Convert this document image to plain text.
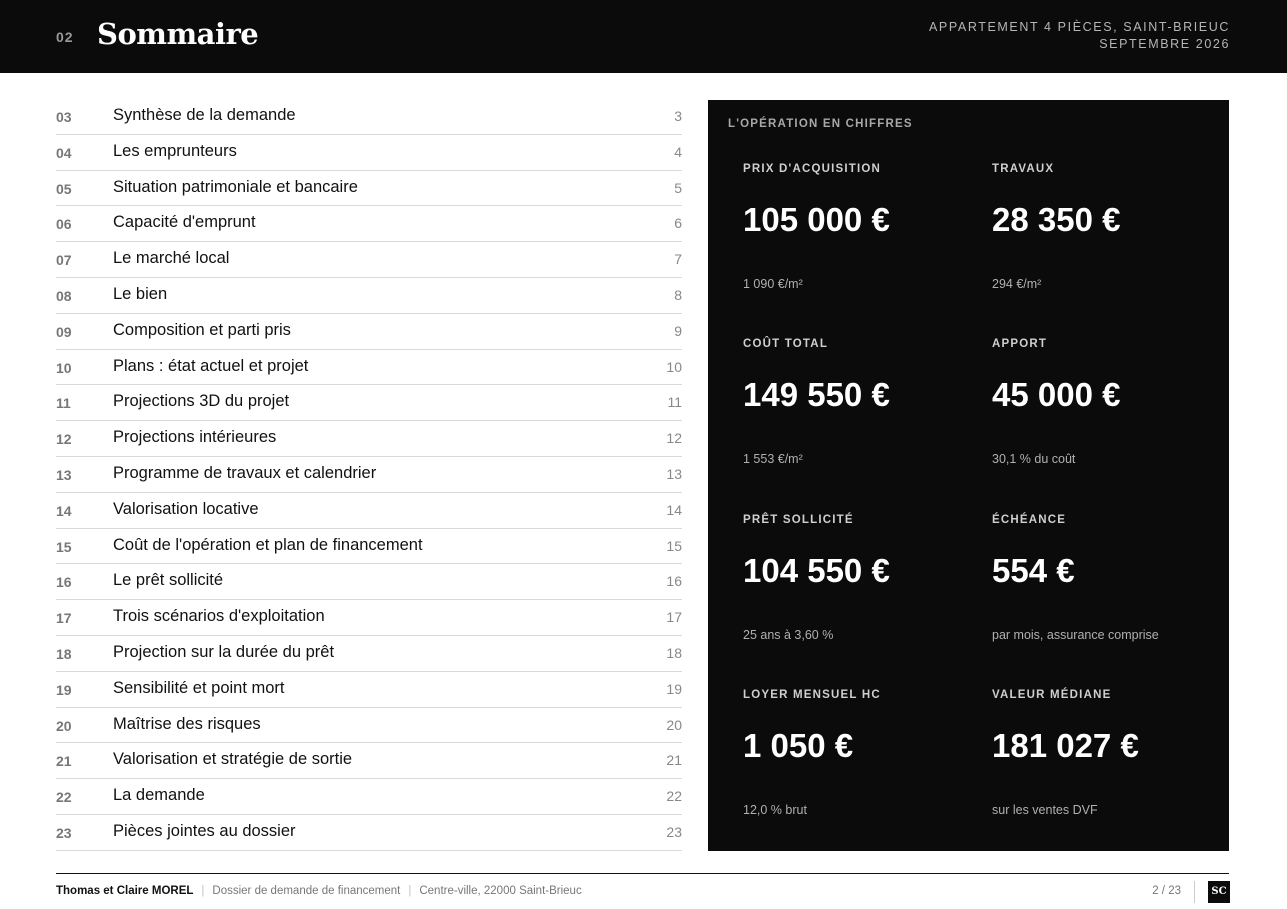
02 Sommaire	APPARTEMENT 4 PIÈCES, SAINT-BRIEUC
SEPTEMBRE 2026
03	Synthèse de la demande	3
04	Les emprunteurs	4
05	Situation patrimoniale et bancaire	5
06	Capacité d'emprunt	6
07	Le marché local	7
08	Le bien	8
09	Composition et parti pris	9
10	Plans : état actuel et projet	10
11	Projections 3D du projet	11
12	Projections intérieures	12
13	Programme de travaux et calendrier	13
14	Valorisation locative	14
15	Coût de l'opération et plan de financement	15
16	Le prêt sollicité	16
17	Trois scénarios d'exploitation	17
18	Projection sur la durée du prêt	18
19	Sensibilité et point mort	19
20	Maîtrise des risques	20
21	Valorisation et stratégie de sortie	21
22	La demande	22
23	Pièces jointes au dossier	23
L'OPÉRATION EN CHIFFRES
PRIX D'ACQUISITION
105 000 €
1 090 €/m²
TRAVAUX
28 350 €
294 €/m²
COÛT TOTAL
149 550 €
1 553 €/m²
APPORT
45 000 €
30,1 % du coût
PRÊT SOLLICITÉ
104 550 €
25 ans à 3,60 %
ÉCHÉANCE
554 €
par mois, assurance comprise
LOYER MENSUEL HC
1 050 €
12,0 % brut
VALEUR MÉDIANE
181 027 €
sur les ventes DVF
Thomas et Claire MOREL | Dossier de demande de financement | Centre-ville, 22000 Saint-Brieuc	2 / 23	SC
